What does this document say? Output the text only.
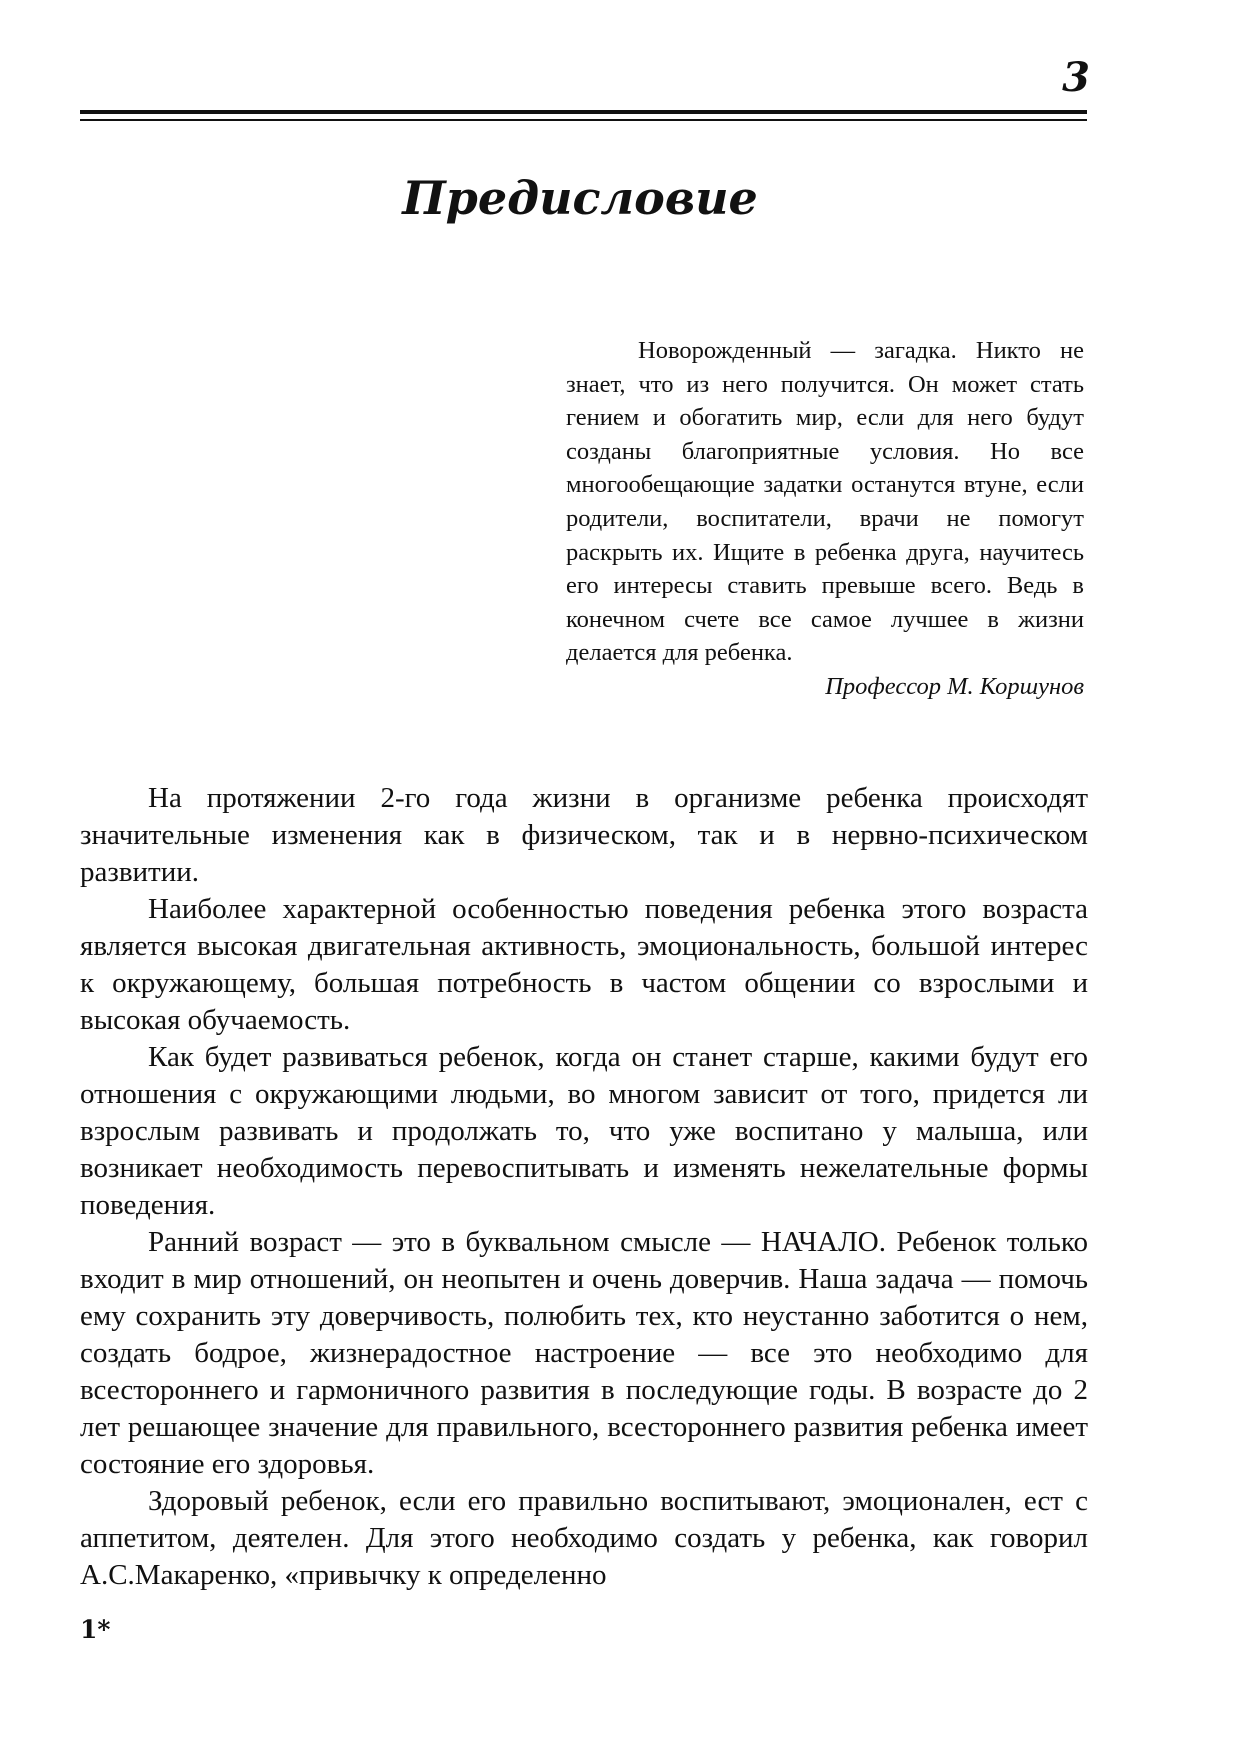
3
Предисловие

Новорожденный — загадка. Никто не знает, что из него получится. Он может стать гением и обогатить мир, если для него будут созданы благоприятные условия. Но все многообещающие задатки останутся втуне, если родители, воспитатели, врачи не помогут раскрыть их. Ищите в ребенка друга, научитесь его интересы ставить превыше всего. Ведь в конечном счете все самое лучшее в жизни делается для ребенка.

Профессор М. Коршунов

На протяжении 2-го года жизни в организме ребенка происходят значительные изменения как в физическом, так и в нервно-психическом развитии.

Наиболее характерной особенностью поведения ребенка этого возраста является высокая двигательная активность, эмоциональность, большой интерес к окружающему, большая потребность в частом общении со взрослыми и высокая обучаемость.

Как будет развиваться ребенок, когда он станет старше, какими будут его отношения с окружающими людьми, во многом зависит от того, придется ли взрослым развивать и продолжать то, что уже воспитано у малыша, или возникает необходимость перевоспитывать и изменять нежелательные формы поведения.

Ранний возраст — это в буквальном смысле — НАЧАЛО. Ребенок только входит в мир отношений, он неопытен и очень доверчив. Наша задача — помочь ему сохранить эту доверчивость, полюбить тех, кто неустанно заботится о нем, создать бодрое, жизнерадостное настроение — все это необходимо для всестороннего и гармоничного развития в последующие годы. В возрасте до 2 лет решающее значение для правильного, всестороннего развития ребенка имеет состояние его здоровья.

Здоровый ребенок, если его правильно воспитывают, эмоционален, ест с аппетитом, деятелен. Для этого необходимо создать у ребенка, как говорил А.С.Макаренко, «привычку к определенно

1*
